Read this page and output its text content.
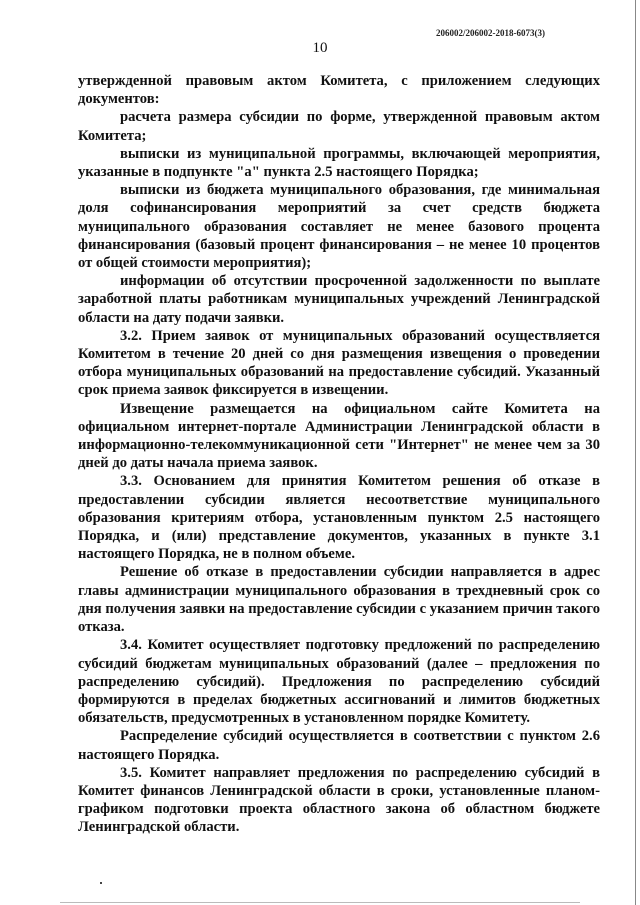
206002/206002-2018-6073(3)
10

утвержденной правовым актом Комитета, с приложением следующих документов:

расчета размера субсидии по форме, утвержденной правовым актом Комитета;

выписки из муниципальной программы, включающей мероприятия, указанные в подпункте "а" пункта 2.5 настоящего Порядка;

выписки из бюджета муниципального образования, где минимальная доля софинансирования мероприятий за счет средств бюджета муниципального образования составляет не менее базового процента финансирования (базовый процент финансирования – не менее 10 процентов от общей стоимости мероприятия);

информации об отсутствии просроченной задолженности по выплате заработной платы работникам муниципальных учреждений Ленинградской области на дату подачи заявки.

3.2. Прием заявок от муниципальных образований осуществляется Комитетом в течение 20 дней со дня размещения извещения о проведении отбора муниципальных образований на предоставление субсидий. Указанный срок приема заявок фиксируется в извещении.

Извещение размещается на официальном сайте Комитета на официальном интернет-портале Администрации Ленинградской области в информационно-телекоммуникационной сети "Интернет" не менее чем за 30 дней до даты начала приема заявок.

3.3. Основанием для принятия Комитетом решения об отказе в предоставлении субсидии является несоответствие муниципального образования критериям отбора, установленным пунктом 2.5 настоящего Порядка, и (или) представление документов, указанных в пункте 3.1 настоящего Порядка, не в полном объеме.

Решение об отказе в предоставлении субсидии направляется в адрес главы администрации муниципального образования в трехдневный срок со дня получения заявки на предоставление субсидии с указанием причин такого отказа.

3.4. Комитет осуществляет подготовку предложений по распределению субсидий бюджетам муниципальных образований (далее – предложения по распределению субсидий). Предложения по распределению субсидий формируются в пределах бюджетных ассигнований и лимитов бюджетных обязательств, предусмотренных в установленном порядке Комитету.

Распределение субсидий осуществляется в соответствии с пунктом 2.6 настоящего Порядка.

3.5. Комитет направляет предложения по распределению субсидий в Комитет финансов Ленинградской области в сроки, установленные планом-графиком подготовки проекта областного закона об областном бюджете Ленинградской области.
